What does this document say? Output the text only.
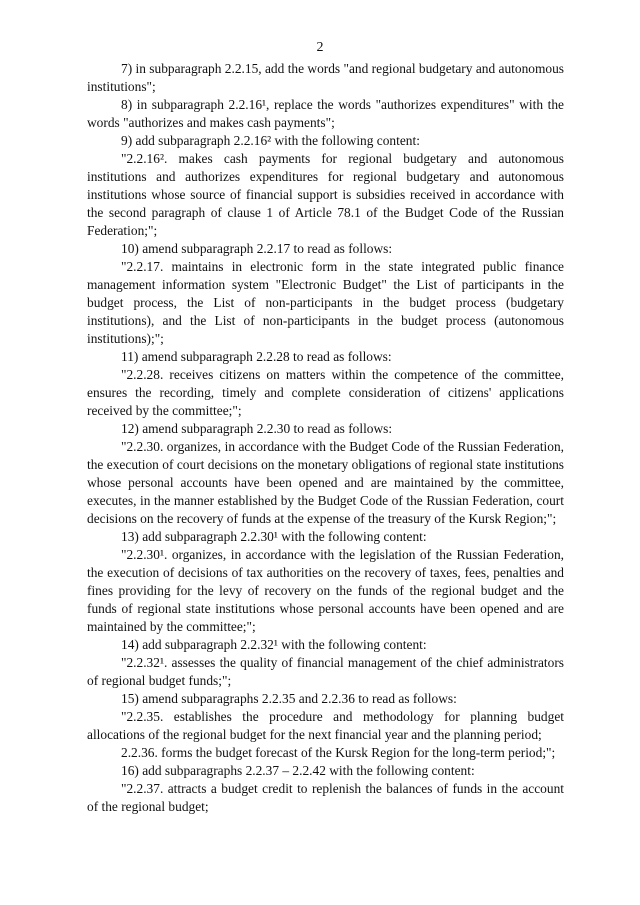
2

7) in subparagraph 2.2.15, add the words "and regional budgetary and autonomous institutions";

8) in subparagraph 2.2.16¹, replace the words "authorizes expenditures" with the words "authorizes and makes cash payments";

9) add subparagraph 2.2.16² with the following content:

"2.2.16². makes cash payments for regional budgetary and autonomous institutions and authorizes expenditures for regional budgetary and autonomous institutions whose source of financial support is subsidies received in accordance with the second paragraph of clause 1 of Article 78.1 of the Budget Code of the Russian Federation;";

10) amend subparagraph 2.2.17 to read as follows:

"2.2.17. maintains in electronic form in the state integrated public finance management information system "Electronic Budget" the List of participants in the budget process, the List of non-participants in the budget process (budgetary institutions), and the List of non-participants in the budget process (autonomous institutions);";

11) amend subparagraph 2.2.28 to read as follows:

"2.2.28. receives citizens on matters within the competence of the committee, ensures the recording, timely and complete consideration of citizens' applications received by the committee;";

12) amend subparagraph 2.2.30 to read as follows:

"2.2.30. organizes, in accordance with the Budget Code of the Russian Federation, the execution of court decisions on the monetary obligations of regional state institutions whose personal accounts have been opened and are maintained by the committee, executes, in the manner established by the Budget Code of the Russian Federation, court decisions on the recovery of funds at the expense of the treasury of the Kursk Region;";

13) add subparagraph 2.2.30¹ with the following content:

"2.2.30¹. organizes, in accordance with the legislation of the Russian Federation, the execution of decisions of tax authorities on the recovery of taxes, fees, penalties and fines providing for the levy of recovery on the funds of the regional budget and the funds of regional state institutions whose personal accounts have been opened and are maintained by the committee;";

14) add subparagraph 2.2.32¹ with the following content:

"2.2.32¹. assesses the quality of financial management of the chief administrators of regional budget funds;";

15) amend subparagraphs 2.2.35 and 2.2.36 to read as follows:

"2.2.35. establishes the procedure and methodology for planning budget allocations of the regional budget for the next financial year and the planning period;

2.2.36. forms the budget forecast of the Kursk Region for the long-term period;";

16) add subparagraphs 2.2.37 – 2.2.42 with the following content:

"2.2.37. attracts a budget credit to replenish the balances of funds in the account of the regional budget;
